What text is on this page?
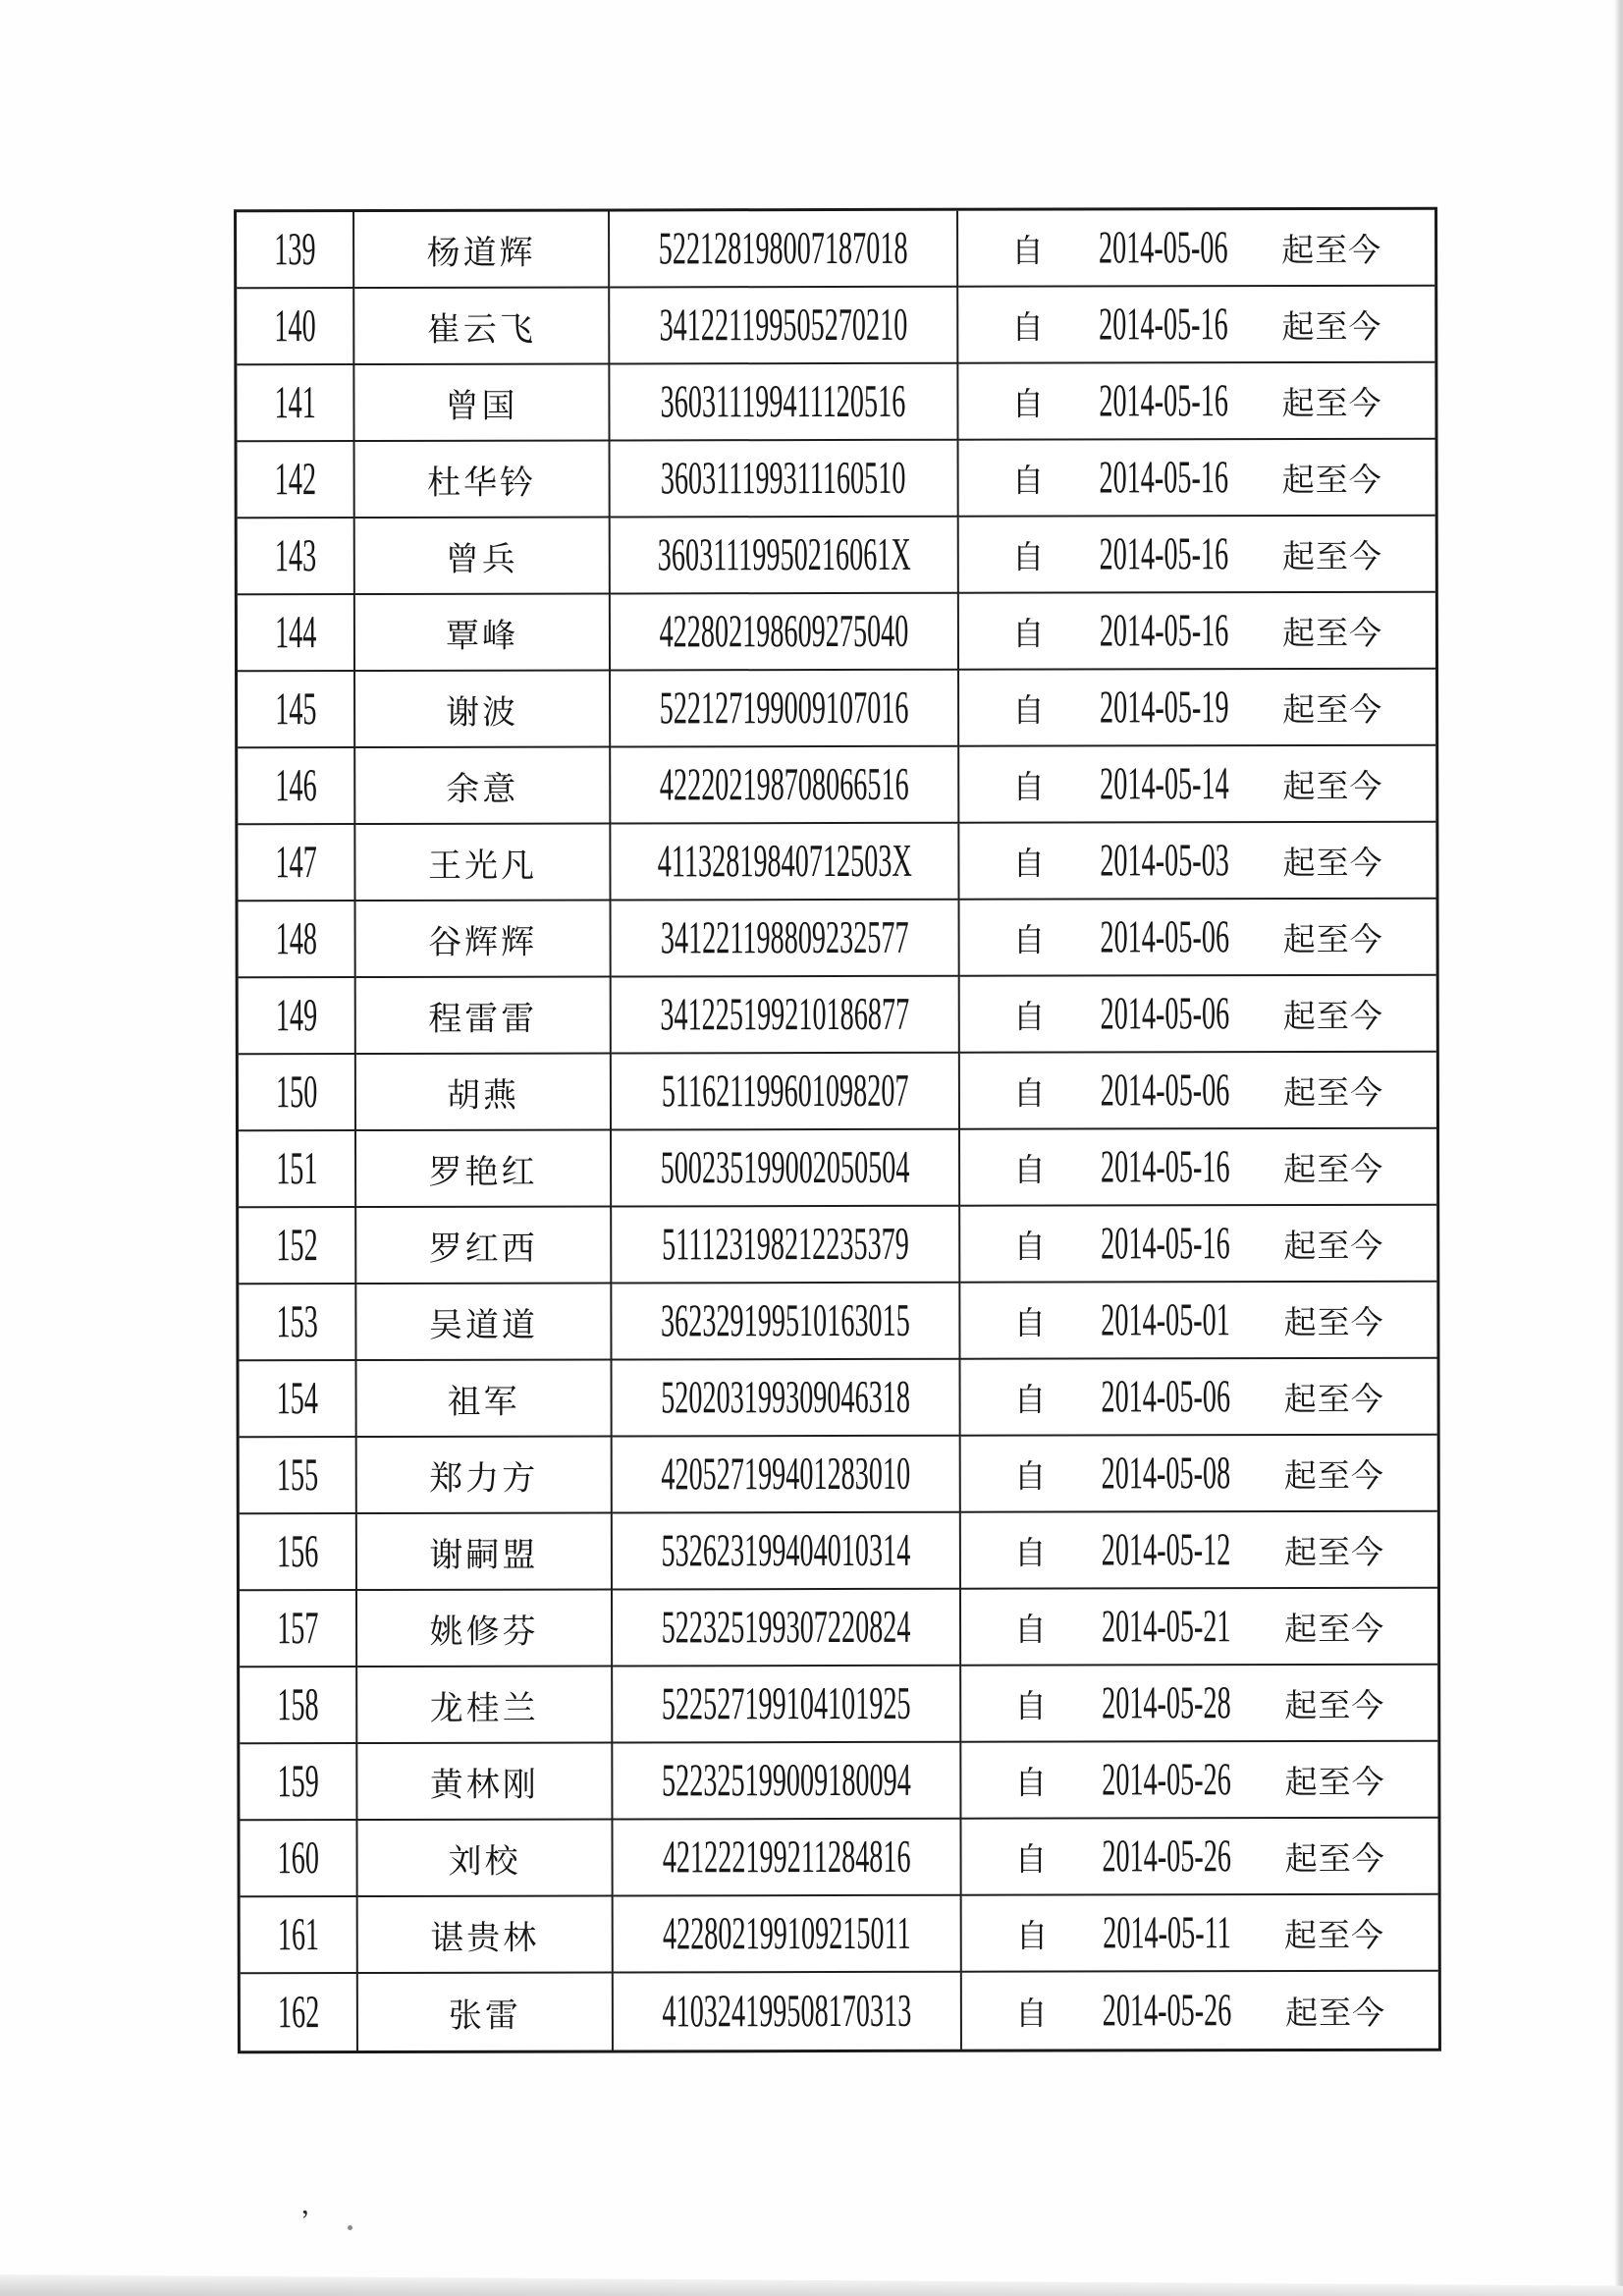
139	杨道辉	522128198007187018	自 2014-05-06 起至今
140	崔云飞	341221199505270210	自 2014-05-16 起至今
141	曾国	360311199411120516	自 2014-05-16 起至今
142	杜华钤	360311199311160510	自 2014-05-16 起至今
143	曾兵	36031119950216061X	自 2014-05-16 起至今
144	覃峰	422802198609275040	自 2014-05-16 起至今
145	谢波	522127199009107016	自 2014-05-19 起至今
146	余意	422202198708066516	自 2014-05-14 起至今
147	王光凡	41132819840712503X	自 2014-05-03 起至今
148	谷辉辉	341221198809232577	自 2014-05-06 起至今
149	程雷雷	341225199210186877	自 2014-05-06 起至今
150	胡燕	511621199601098207	自 2014-05-06 起至今
151	罗艳红	500235199002050504	自 2014-05-16 起至今
152	罗红西	511123198212235379	自 2014-05-16 起至今
153	吴道道	362329199510163015	自 2014-05-01 起至今
154	祖军	520203199309046318	自 2014-05-06 起至今
155	郑力方	420527199401283010	自 2014-05-08 起至今
156	谢嗣盟	532623199404010314	自 2014-05-12 起至今
157	姚修芬	522325199307220824	自 2014-05-21 起至今
158	龙桂兰	522527199104101925	自 2014-05-28 起至今
159	黄林刚	522325199009180094	自 2014-05-26 起至今
160	刘校	421222199211284816	自 2014-05-26 起至今
161	谌贵林	422802199109215011	自 2014-05-11 起至今
162	张雷	410324199508170313	自 2014-05-26 起至今
,
